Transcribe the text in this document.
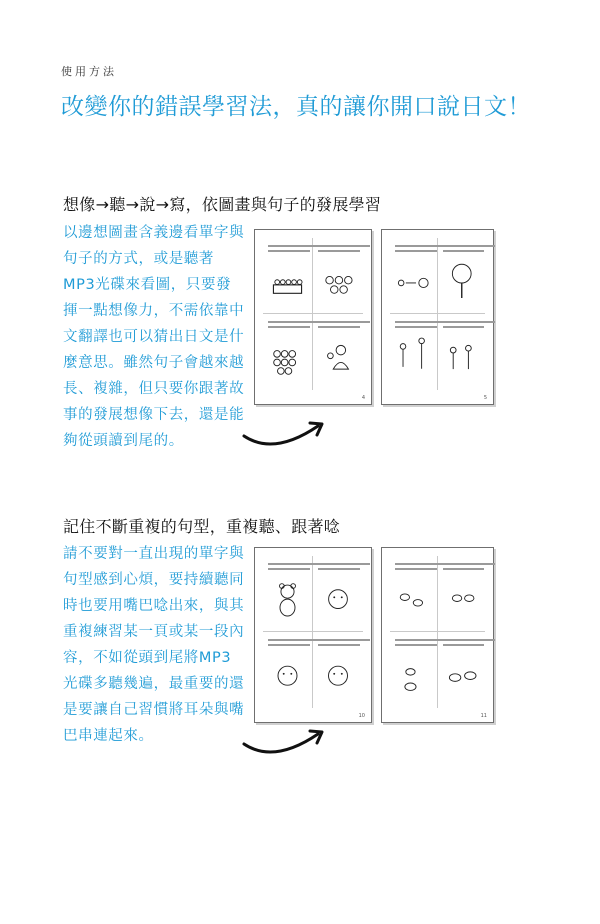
使用方法
改變你的錯誤學習法，真的讓你開口說日文！
想像→聽→說→寫，依圖畫與句子的發展學習
以邊想圖畫含義邊看單字與句子的方式，或是聽著MP3光碟來看圖，只要發揮一點想像力，不需依靠中文翻譯也可以猜出日文是什麼意思。雖然句子會越來越長、複雜，但只要你跟著故事的發展想像下去，還是能夠從頭讀到尾的。
4	5
記住不斷重複的句型，重複聽、跟著唸
請不要對一直出現的單字與句型感到心煩，要持續聽同時也要用嘴巴唸出來，與其重複練習某一頁或某一段內容，不如從頭到尾將MP3光碟多聽幾遍，最重要的還是要讓自己習慣將耳朵與嘴巴串連起來。
10	11
